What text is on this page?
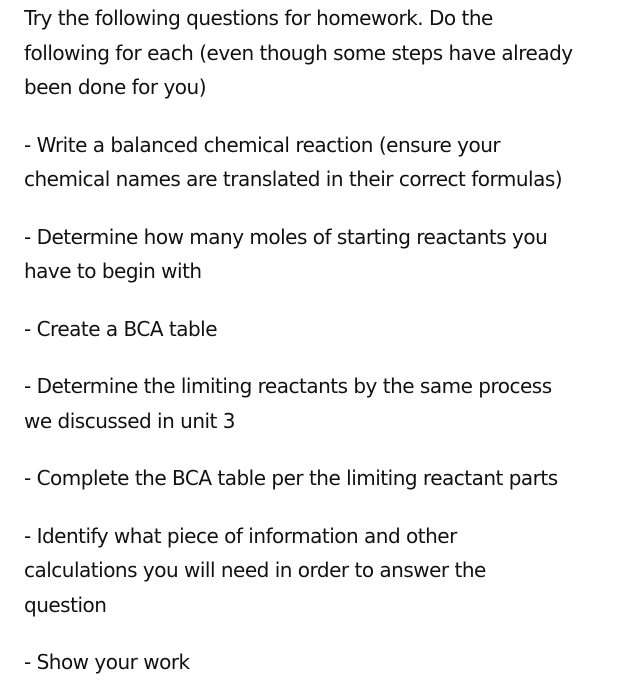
Try the following questions for homework. Do the
following for each (even though some steps have already
been done for you)

- Write a balanced chemical reaction (ensure your
chemical names are translated in their correct formulas)

- Determine how many moles of starting reactants you
have to begin with

- Create a BCA table

- Determine the limiting reactants by the same process
we discussed in unit 3

- Complete the BCA table per the limiting reactant parts

- Identify what piece of information and other
calculations you will need in order to answer the
question

- Show your work
